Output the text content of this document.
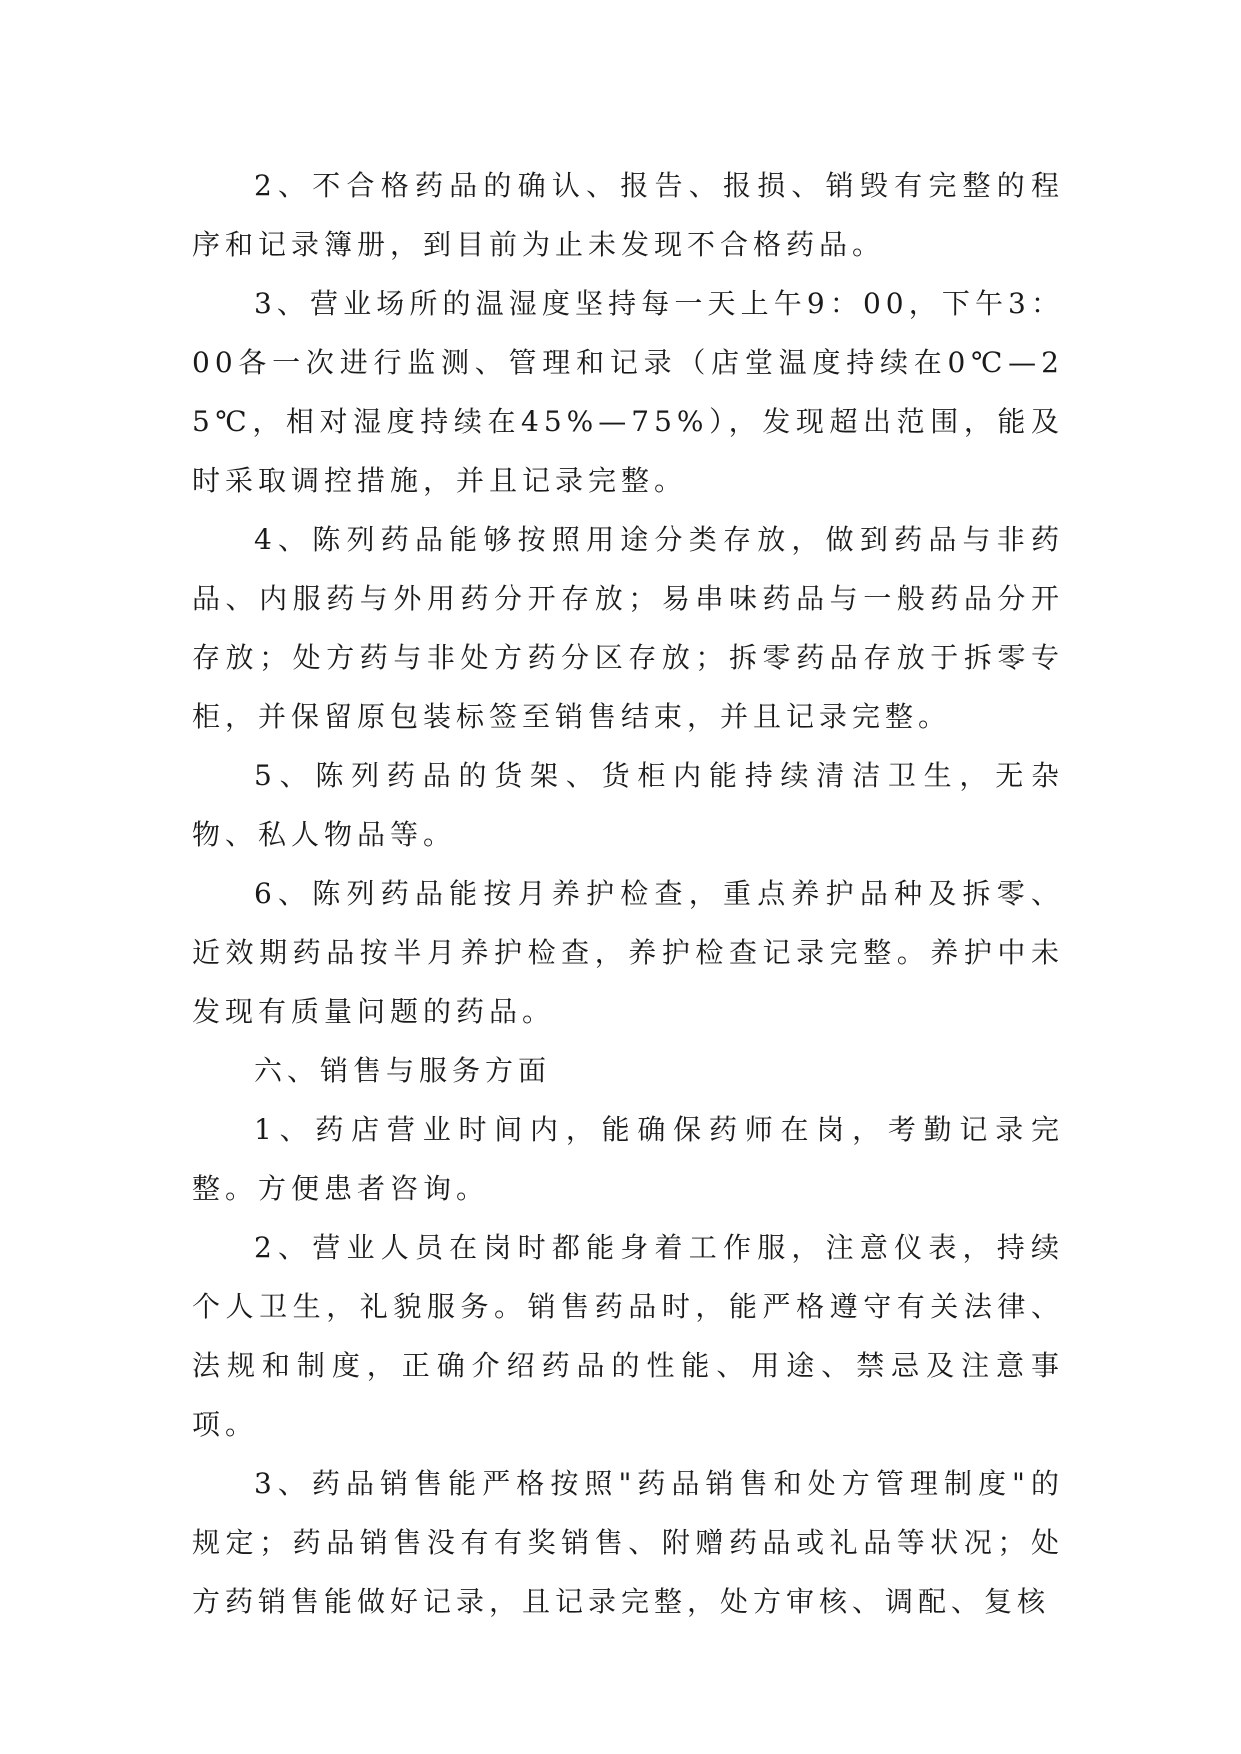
2、不合格药品的确认、报告、报损、销毁有完整的程序和记录簿册，到目前为止未发现不合格药品。

3、营业场所的温湿度坚持每一天上午9：00，下午3：00各一次进行监测、管理和记录（店堂温度持续在0℃—25℃，相对湿度持续在45%—75%），发现超出范围，能及时采取调控措施，并且记录完整。

4、陈列药品能够按照用途分类存放，做到药品与非药品、内服药与外用药分开存放；易串味药品与一般药品分开存放；处方药与非处方药分区存放；拆零药品存放于拆零专柜，并保留原包装标签至销售结束，并且记录完整。

5、陈列药品的货架、货柜内能持续清洁卫生，无杂物、私人物品等。

6、陈列药品能按月养护检查，重点养护品种及拆零、近效期药品按半月养护检查，养护检查记录完整。养护中未发现有质量问题的药品。

六、销售与服务方面

1、药店营业时间内，能确保药师在岗，考勤记录完整。方便患者咨询。

2、营业人员在岗时都能身着工作服，注意仪表，持续个人卫生，礼貌服务。销售药品时，能严格遵守有关法律、法规和制度，正确介绍药品的性能、用途、禁忌及注意事项。

3、药品销售能严格按照"药品销售和处方管理制度"的规定；药品销售没有有奖销售、附赠药品或礼品等状况；处方药销售能做好记录，且记录完整，处方审核、调配、复核
